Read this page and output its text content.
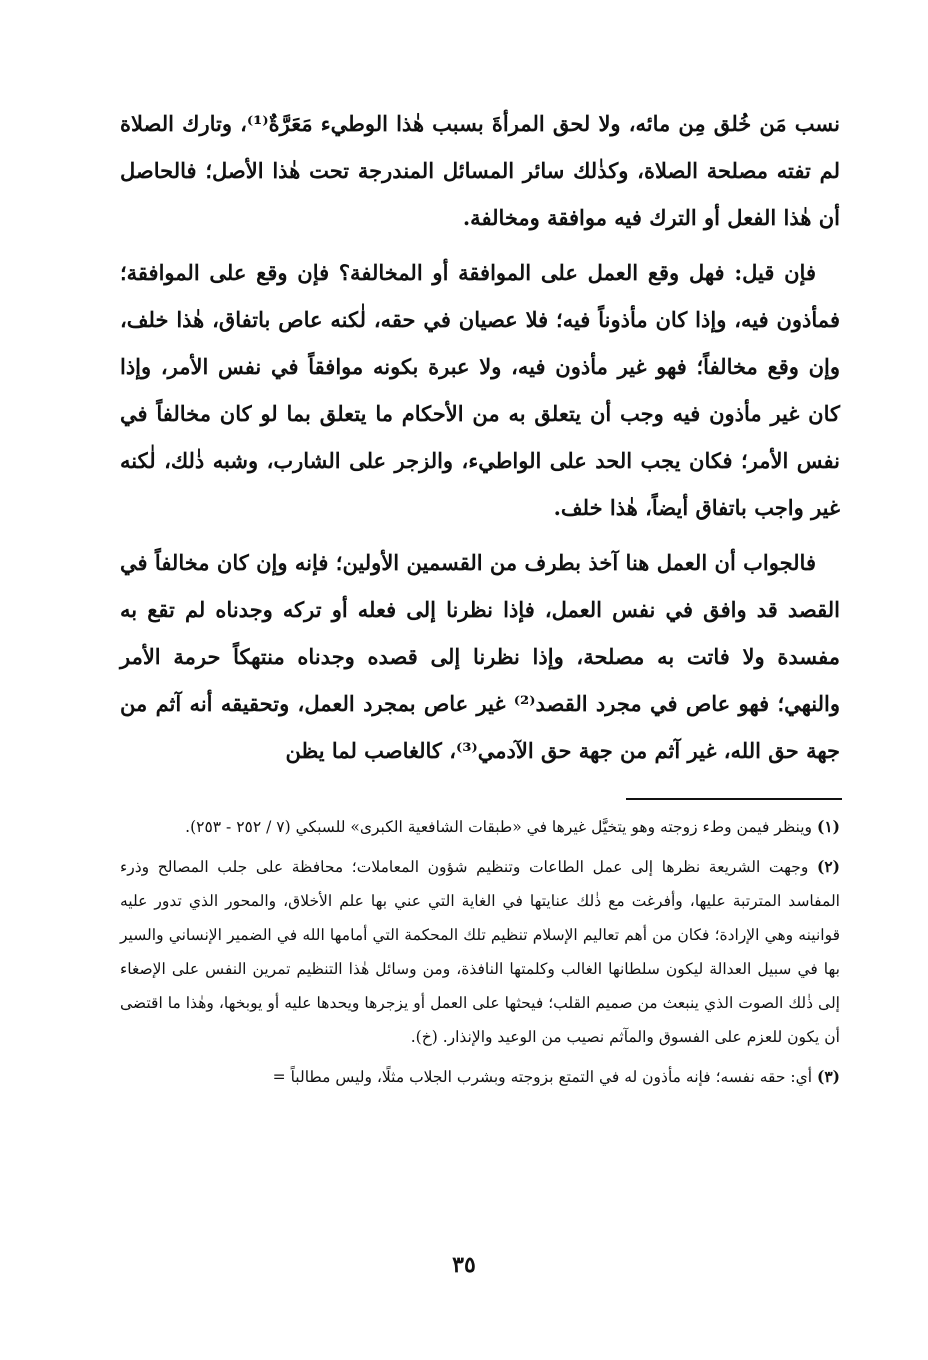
نسب مَن خُلق مِن مائه، ولا لحق المرأةَ بسبب هٰذا الوطيء مَعَرَّةٌ⁽¹⁾، وتارك الصلاة لم تفته مصلحة الصلاة، وكذٰلك سائر المسائل المندرجة تحت هٰذا الأصل؛ فالحاصل أن هٰذا الفعل أو الترك فيه موافقة ومخالفة.

فإن قيل: فهل وقع العمل على الموافقة أو المخالفة؟ فإن وقع على الموافقة؛ فمأذون فيه، وإذا كان مأذوناً فيه؛ فلا عصيان في حقه، لٰكنه عاص باتفاق، هٰذا خلف، وإن وقع مخالفاً؛ فهو غير مأذون فيه، ولا عبرة بكونه موافقاً في نفس الأمر، وإذا كان غير مأذون فيه وجب أن يتعلق به من الأحكام ما يتعلق بما لو كان مخالفاً في نفس الأمر؛ فكان يجب الحد على الواطيء، والزجر على الشارب، وشبه ذٰلك، لٰكنه غير واجب باتفاق أيضاً، هٰذا خلف.

فالجواب أن العمل هنا آخذ بطرف من القسمين الأولين؛ فإنه وإن كان مخالفاً في القصد قد وافق في نفس العمل، فإذا نظرنا إلى فعله أو تركه وجدناه لم تقع به مفسدة ولا فاتت به مصلحة، وإذا نظرنا إلى قصده وجدناه منتهكاً حرمة الأمر والنهي؛ فهو عاص في مجرد القصد⁽²⁾ غير عاص بمجرد العمل، وتحقيقه أنه آثم من جهة حق الله، غير آثم من جهة حق الآدمي⁽³⁾، كالغاصب لما يظن

(١) وينظر فيمن وطء زوجته وهو يتخيَّل غيرها في «طبقات الشافعية الكبرى» للسبكي (٧ / ٢٥٢ - ٢٥٣).

(٢) وجهت الشريعة نظرها إلى عمل الطاعات وتنظيم شؤون المعاملات؛ محافظة على جلب المصالح وذرء المفاسد المترتبة عليها، وأفرغت مع ذٰلك عنايتها في الغاية التي عني بها علم الأخلاق، والمحور الذي تدور عليه قوانينه وهي الإرادة؛ فكان من أهم تعاليم الإسلام تنظيم تلك المحكمة التي أمامها الله في الضمير الإنساني والسير بها في سبيل العدالة ليكون سلطانها الغالب وكلمتها النافذة، ومن وسائل هٰذا التنظيم تمرين النفس على الإصغاء إلى ذٰلك الصوت الذي ينبعث من صميم القلب؛ فيحثها على العمل أو يزجرها ويحدها عليه أو يوبخها، وهٰذا ما اقتضى أن يكون للعزم على الفسوق والمآثم نصيب من الوعيد والإنذار. (خ).

(٣) أي: حقه نفسه؛ فإنه مأذون له في التمتع بزوجته وبشرب الجلاب مثلًا، وليس مطالباً =

٣٥
